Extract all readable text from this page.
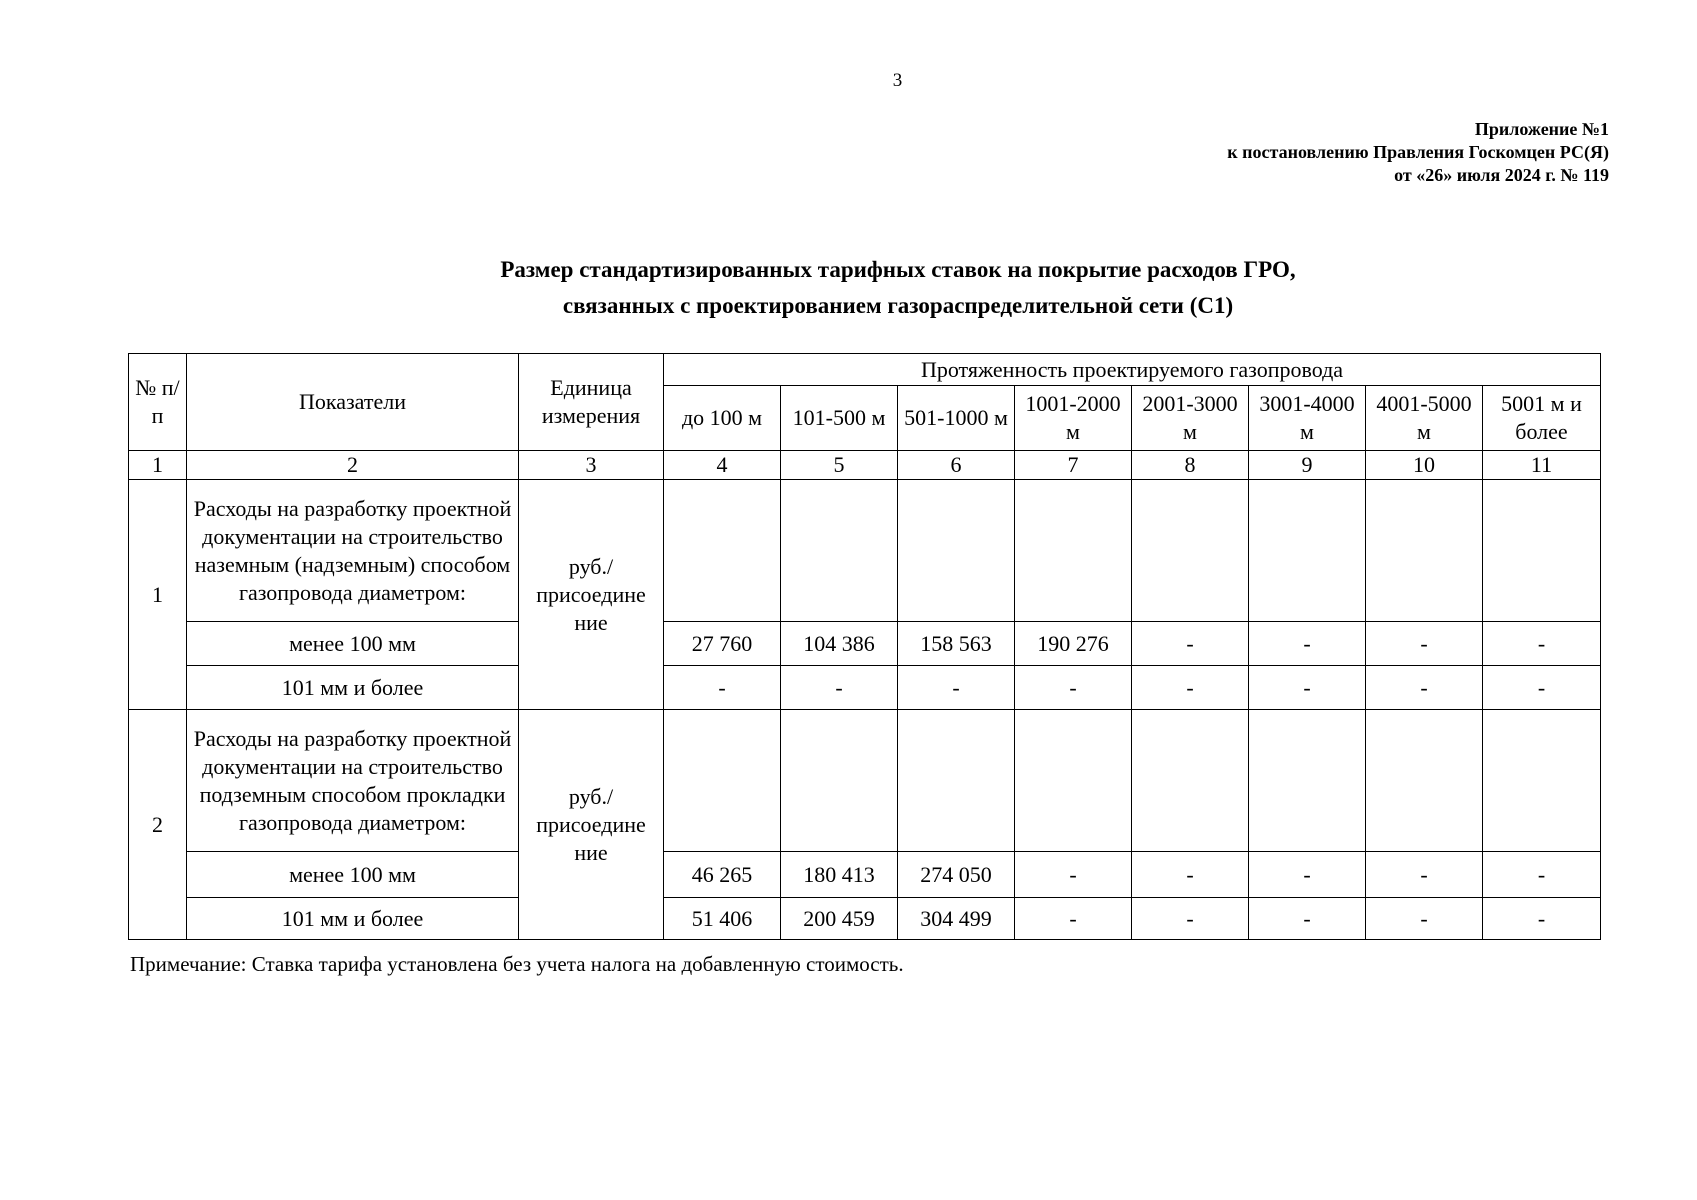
3
Приложение №1
к постановлению Правления Госкомцен РС(Я)
от «26» июля 2024 г. № 119
Размер стандартизированных тарифных ставок на покрытие расходов ГРО,
связанных с проектированием газораспределительной сети (С1)
№ п/п	Показатели	Единица измерения	Протяженность проектируемого газопровода							
			до 100 м	101-500 м	501-1000 м	1001-2000 м	2001-3000 м	3001-4000 м	4001-5000 м	5001 м и более
1	2	3	4	5	6	7	8	9	10	11
1	Расходы на разработку проектной документации на строительство наземным (надземным) способом газопровода диаметром:	руб./ присоедине ние								
	менее 100 мм		27 760	104 386	158 563	190 276	-	-	-	-
	101 мм и более		-	-	-	-	-	-	-	-
2	Расходы на разработку проектной документации на строительство подземным способом прокладки газопровода диаметром:	руб./ присоедине ние								
	менее 100 мм		46 265	180 413	274 050	-	-	-	-	-
	101 мм и более		51 406	200 459	304 499	-	-	-	-	-
Примечание: Ставка тарифа установлена без учета налога на добавленную стоимость.
